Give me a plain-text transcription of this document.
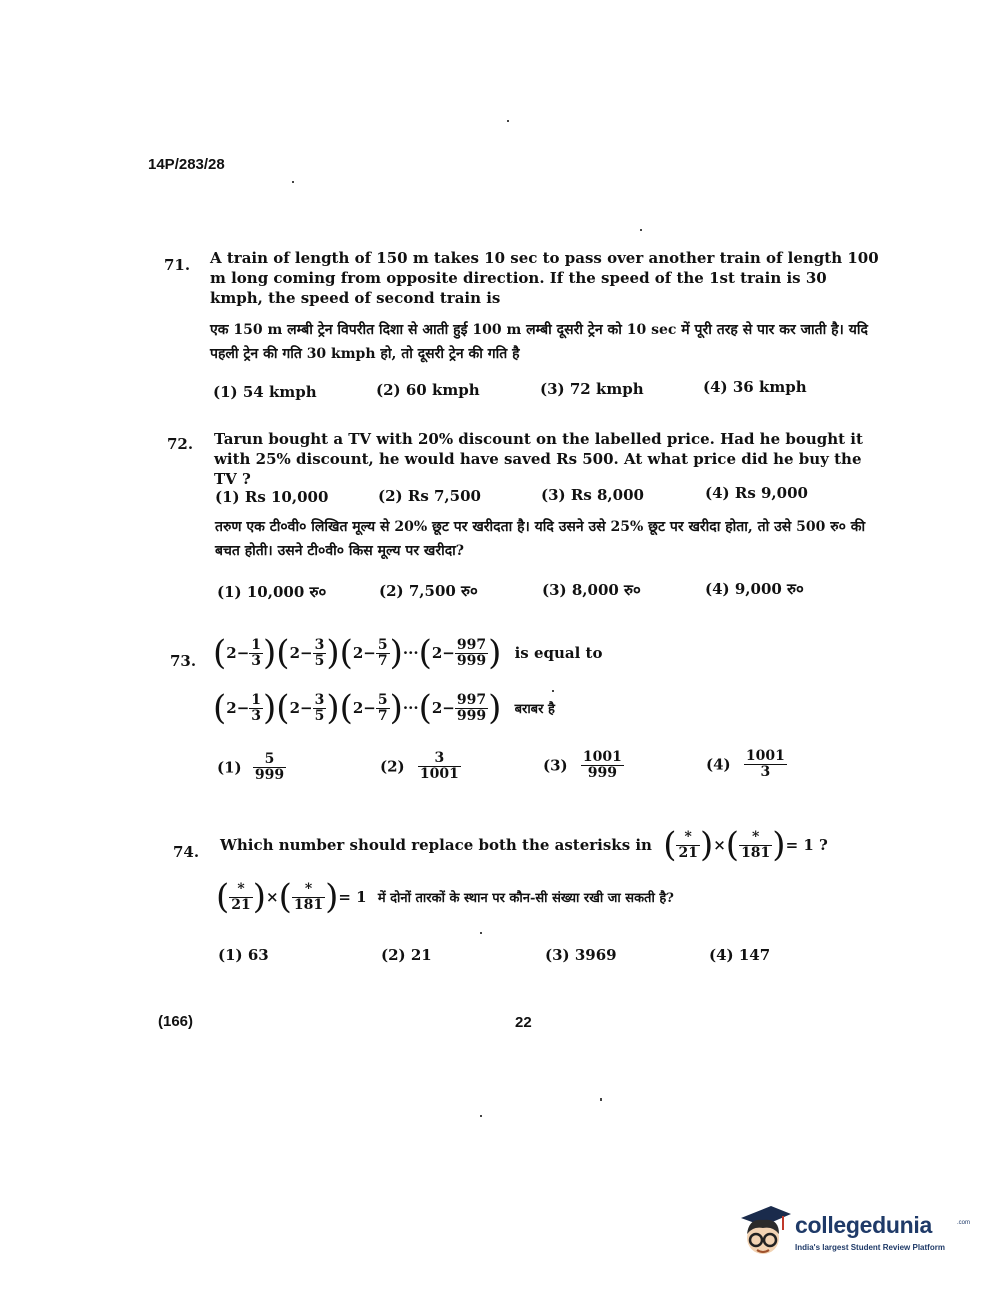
14P/283/28
71. A train of length of 150 m takes 10 sec to pass over another train of length 100 m long coming from opposite direction. If the speed of the 1st train is 30 kmph, the speed of second train is
एक 150 m लम्बी ट्रेन विपरीत दिशा से आती हुई 100 m लम्बी दूसरी ट्रेन को 10 sec में पूरी तरह से पार कर जाती है। यदि पहली ट्रेन की गति 30 kmph हो, तो दूसरी ट्रेन की गति है
(1) 54 kmph	(2) 60 kmph	(3) 72 kmph	(4) 36 kmph
72. Tarun bought a TV with 20% discount on the labelled price. Had he bought it with 25% discount, he would have saved Rs 500. At what price did he buy the TV ?
(1) Rs 10,000	(2) Rs 7,500	(3) Rs 8,000	(4) Rs 9,000
तरुण एक टी०वी० लिखित मूल्य से 20% छूट पर खरीदता है। यदि उसने उसे 25% छूट पर खरीदा होता, तो उसे 500 रु० की बचत होती। उसने टी०वी० किस मूल्य पर खरीदा?
(1) 10,000 रु०	(2) 7,500 रु०	(3) 8,000 रु०	(4) 9,000 रु०
73. $(2- \frac{1}{3} )(2- \frac{3}{5} )(2- \frac{5}{7} )\cdot\cdot\cdot(2- \frac{997}{999}$ ) is equal to
$(2- \frac{1}{3} )(2- \frac{3}{5} )(2- \frac{5}{7} )\cdot\cdot\cdot(2- \frac{997}{999}$ ) बराबर है
$(1) \frac{5}{999}$	$(2) \frac{3}{1001}$	$(3) \frac{1001}{999}$	$(4) \frac{1001}{3}$
74. Which number should replace both the asterisks in ( $\frac{*}{21}$ )×( $\frac{*}{181}$ )= 1 ?
( $\frac{*}{21}$ )×( $\frac{*}{181}$ )= 1 में दोनों तारकों के स्थान पर कौन-सी संख्या रखी जा सकती है?
(1) 63	(2) 21	(3) 3969	(4) 147
(166)	22
collegedunia	.com
India's largest Student Review Platform
